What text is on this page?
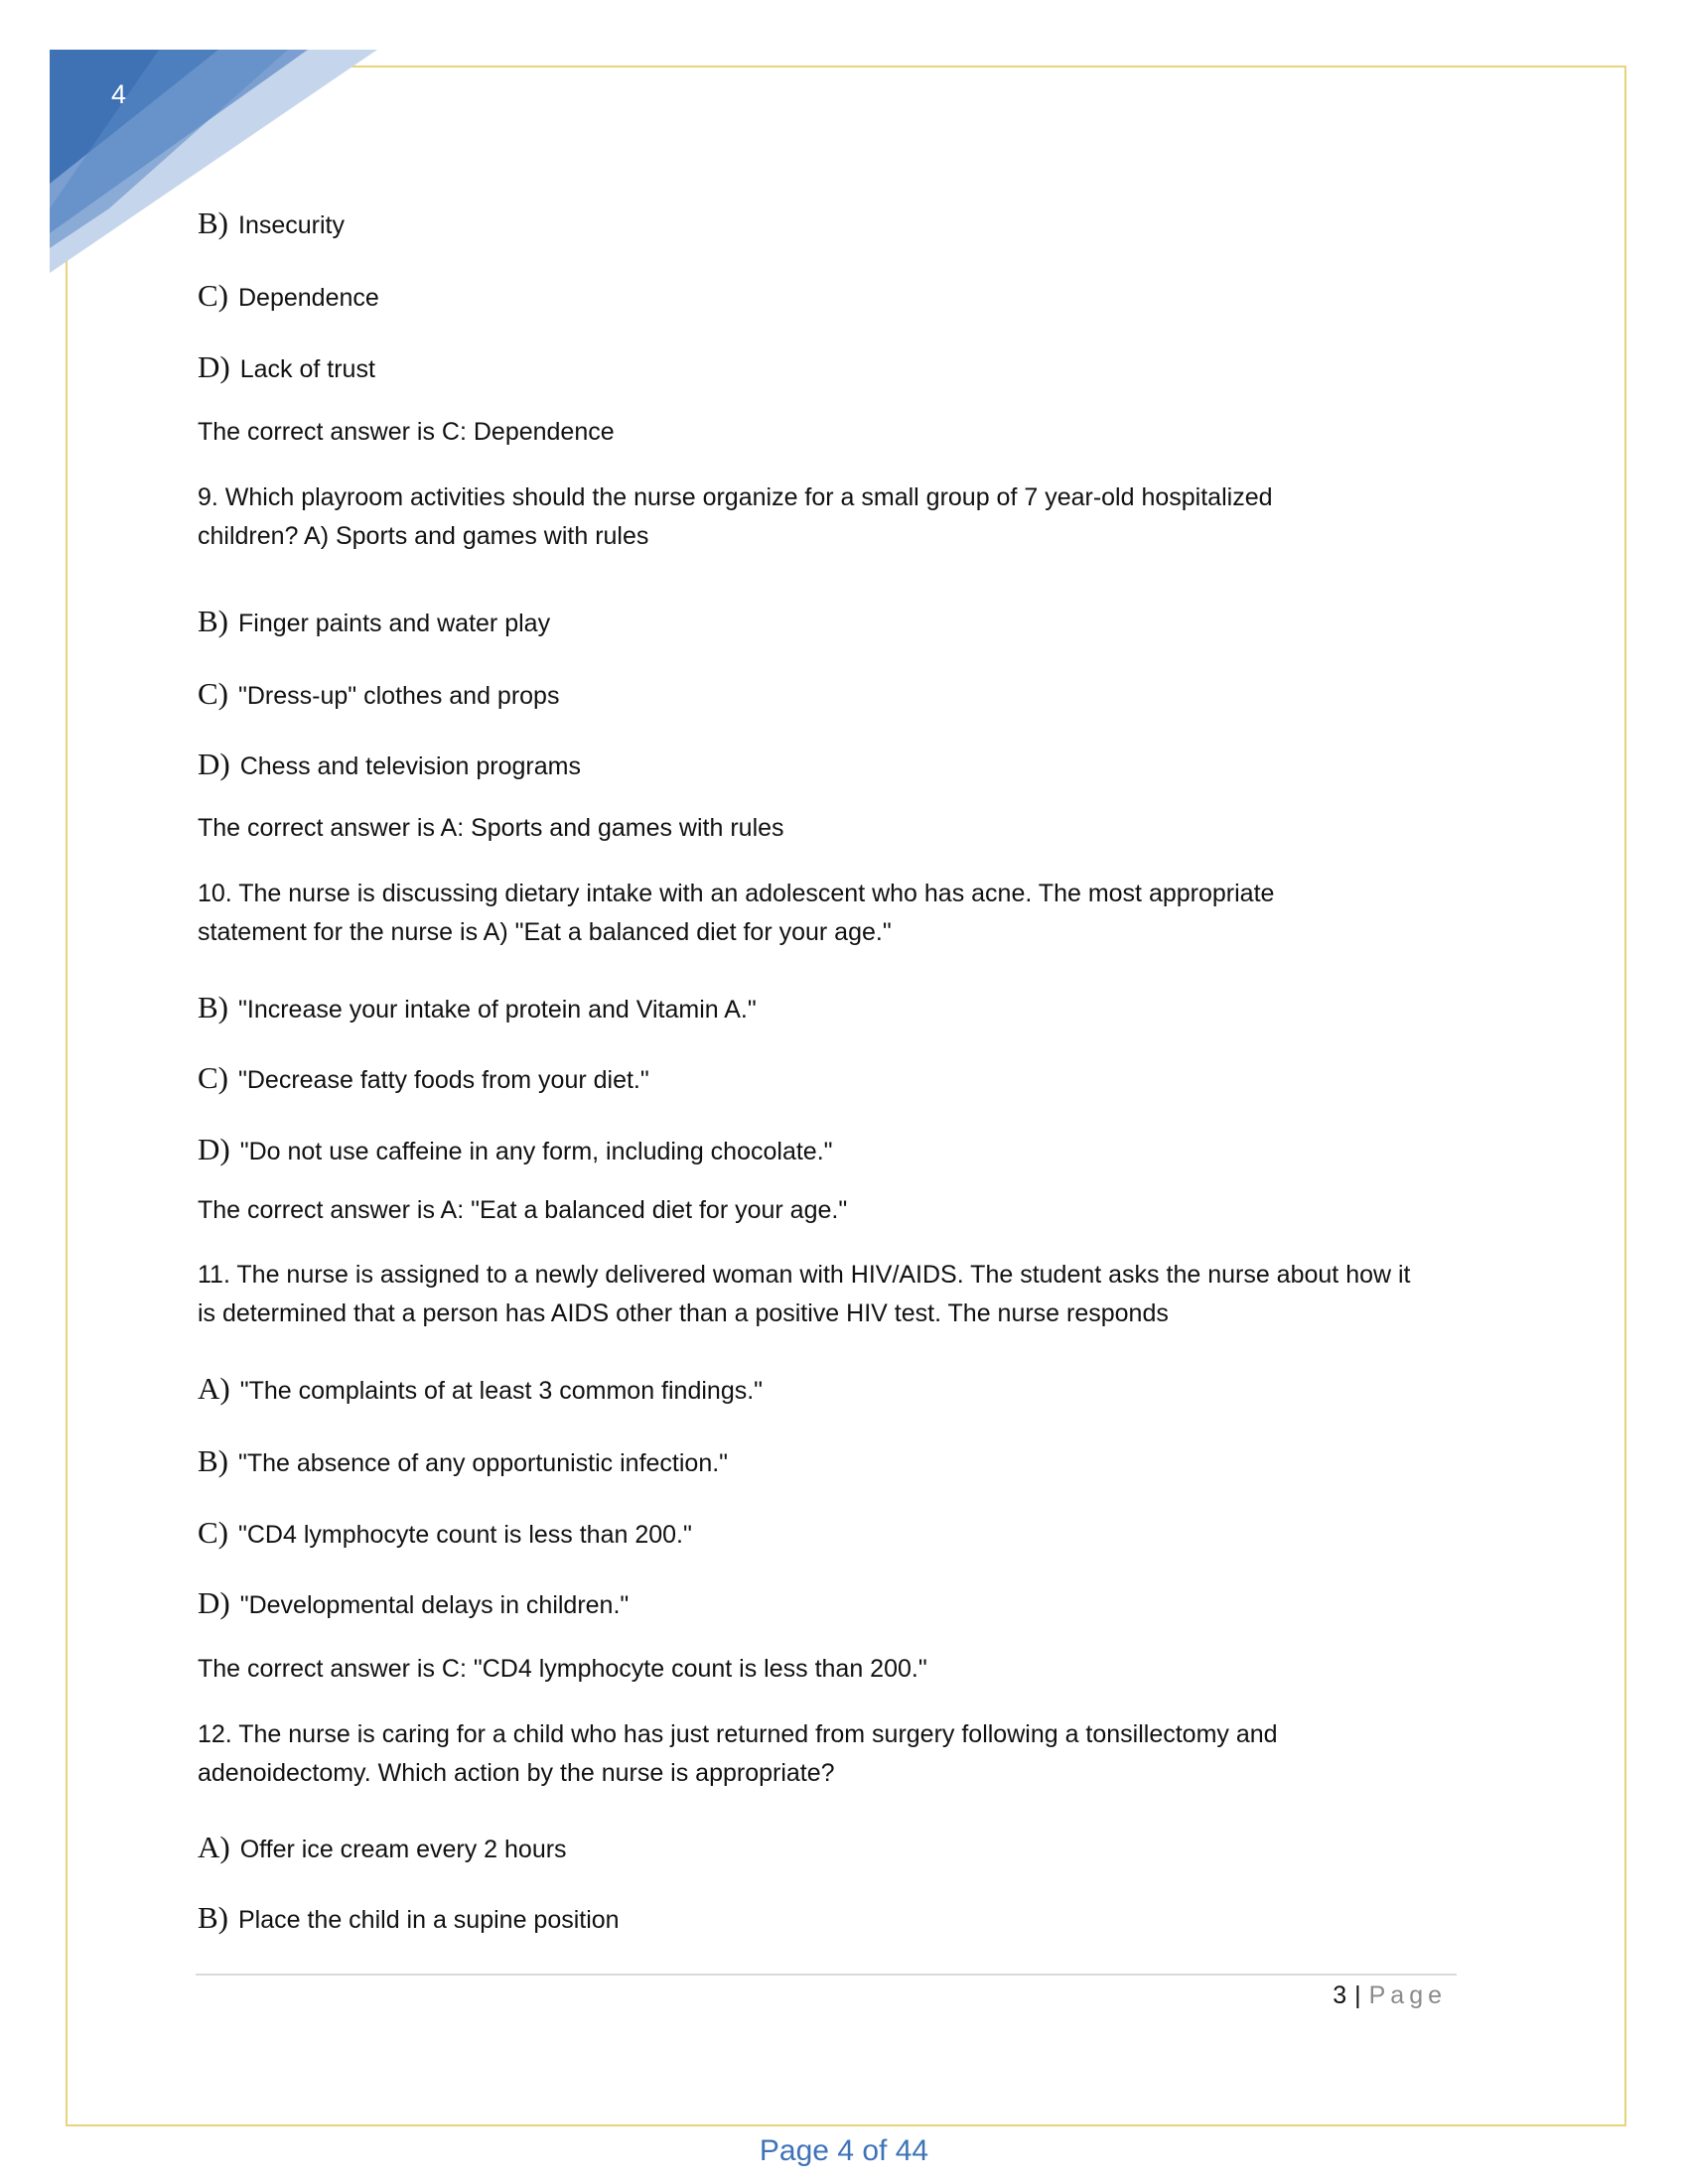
4
B) Insecurity
C) Dependence
D) Lack of trust
The correct answer is C: Dependence
9. Which playroom activities should the nurse organize for a small group of 7 year-old hospitalized
children? A) Sports and games with rules
B) Finger paints and water play
C) "Dress-up" clothes and props
D) Chess and television programs
The correct answer is A: Sports and games with rules
10. The nurse is discussing dietary intake with an adolescent who has acne. The most appropriate
statement for the nurse is A) "Eat a balanced diet for your age."
B) "Increase your intake of protein and Vitamin A."
C) "Decrease fatty foods from your diet."
D) "Do not use caffeine in any form, including chocolate."
The correct answer is A: "Eat a balanced diet for your age."
11. The nurse is assigned to a newly delivered woman with HIV/AIDS. The student asks the nurse about how it
is determined that a person has AIDS other than a positive HIV test. The nurse responds
A) "The complaints of at least 3 common findings."
B) "The absence of any opportunistic infection."
C) "CD4 lymphocyte count is less than 200."
D) "Developmental delays in children."
The correct answer is C: "CD4 lymphocyte count is less than 200."
12. The nurse is caring for a child who has just returned from surgery following a tonsillectomy and
adenoidectomy. Which action by the nurse is appropriate?
A) Offer ice cream every 2 hours
B) Place the child in a supine position
3 | Page
Page 4 of 44
